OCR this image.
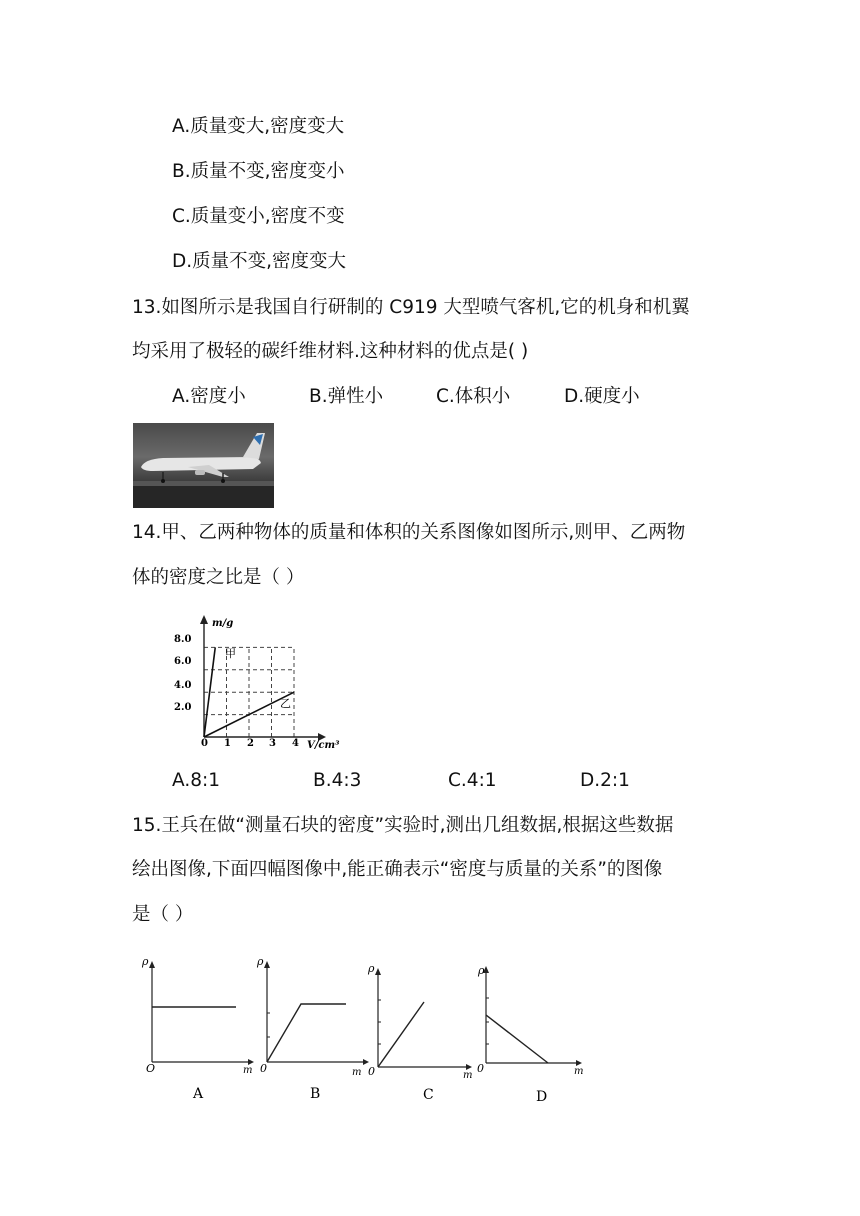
A.质量变大,密度变大
B.质量不变,密度变小
C.质量变小,密度不变
D.质量不变,密度变大
13.如图所示是我国自行研制的 C919 大型喷气客机,它的机身和机翼
均采用了极轻的碳纤维材料.这种材料的优点是( )
A.密度小	B.弹性小	C.体积小	D.硬度小
14.甲、乙两种物体的质量和体积的关系图像如图所示,则甲、乙两物
体的密度之比是（ ）
m/g
V/cm³
0
2.0
4.0
6.0
8.0
1 2 3 4
甲
乙
A.8:1	B.4:3	C.4:1	D.2:1
15.王兵在做“测量石块的密度”实验时,测出几组数据,根据这些数据
绘出图像,下面四幅图像中,能正确表示“密度与质量的关系”的图像
是（ ）
ρ
m
O
A
ρ
m
0
B
ρ
m
0
C
ρ
m
0
D
